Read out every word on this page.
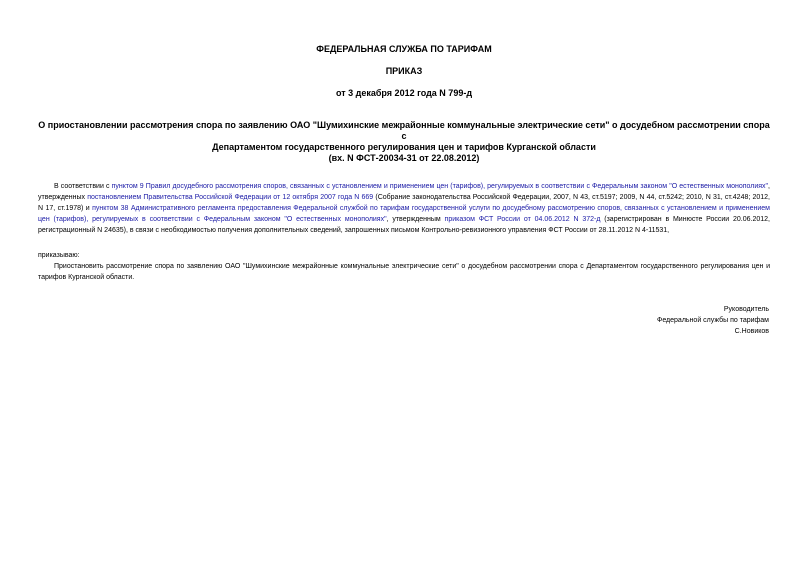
ФЕДЕРАЛЬНАЯ СЛУЖБА ПО ТАРИФАМ
ПРИКАЗ
от 3 декабря 2012 года N 799-д
О приостановлении рассмотрения спора по заявлению ОАО "Шумихинские межрайонные коммунальные электрические сети" о досудебном рассмотрении спора с
Департаментом государственного регулирования цен и тарифов Курганской области
(вх. N ФСТ-20034-31 от 22.08.2012)
В соответствии с пунктом 9 Правил досудебного рассмотрения споров, связанных с установлением и применением цен (тарифов), регулируемых в соответствии с Федеральным законом "О естественных монополиях", утвержденных постановлением Правительства Российской Федерации от 12 октября 2007 года N 669 (Собрание законодательства Российской Федерации, 2007, N 43, ст.5197; 2009, N 44, ст.5242; 2010, N 31, ст.4248; 2012, N 17, ст.1978) и пунктом 38 Административного регламента предоставления Федеральной службой по тарифам государственной услуги по досудебному рассмотрению споров, связанных с установлением и применением цен (тарифов), регулируемых в соответствии с Федеральным законом "О естественных монополиях", утвержденным приказом ФСТ России от 04.06.2012 N 372-д (зарегистрирован в Минюсте России 20.06.2012, регистрационный N 24635), в связи с необходимостью получения дополнительных сведений, запрошенных письмом Контрольно-ревизионного управления ФСТ России от 28.11.2012 N 4-11531,
приказываю:
Приостановить рассмотрение спора по заявлению ОАО "Шумихинские межрайонные коммунальные электрические сети" о досудебном рассмотрении спора с Департаментом государственного регулирования цен и тарифов Курганской области.
Руководитель
Федеральной службы по тарифам
С.Новиков
